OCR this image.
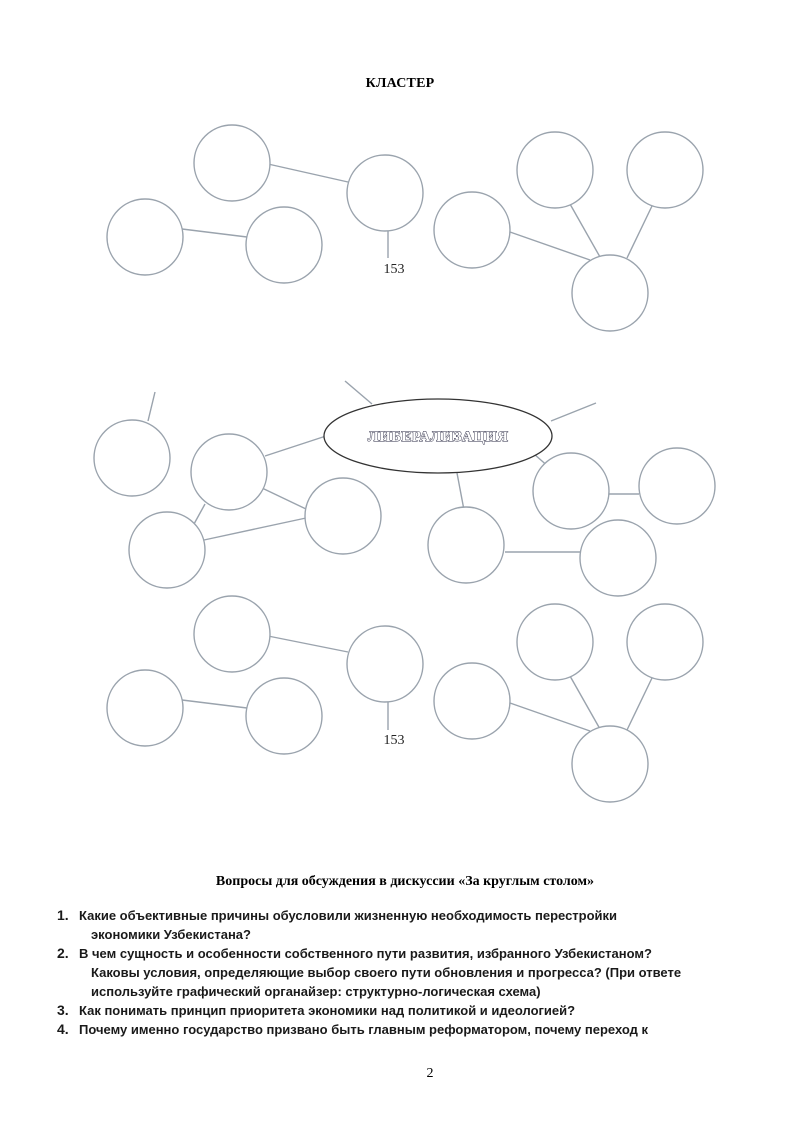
КЛАСТЕР
153
ЛИБЕРАЛИЗАЦИЯ
153
Вопросы для обсуждения в дискуссии «За круглым столом»
1. Какие объективные причины обусловили жизненную необходимость перестройки
экономики Узбекистана?
2. В чем сущность и особенности собственного пути развития, избранного Узбекистаном?
Каковы условия, определяющие выбор своего пути обновления и прогресса? (При ответе
используйте графический органайзер: структурно-логическая схема)
3. Как понимать принцип приоритета экономики над политикой и идеологией?
4. Почему именно государство призвано быть главным реформатором, почему переход к
2
